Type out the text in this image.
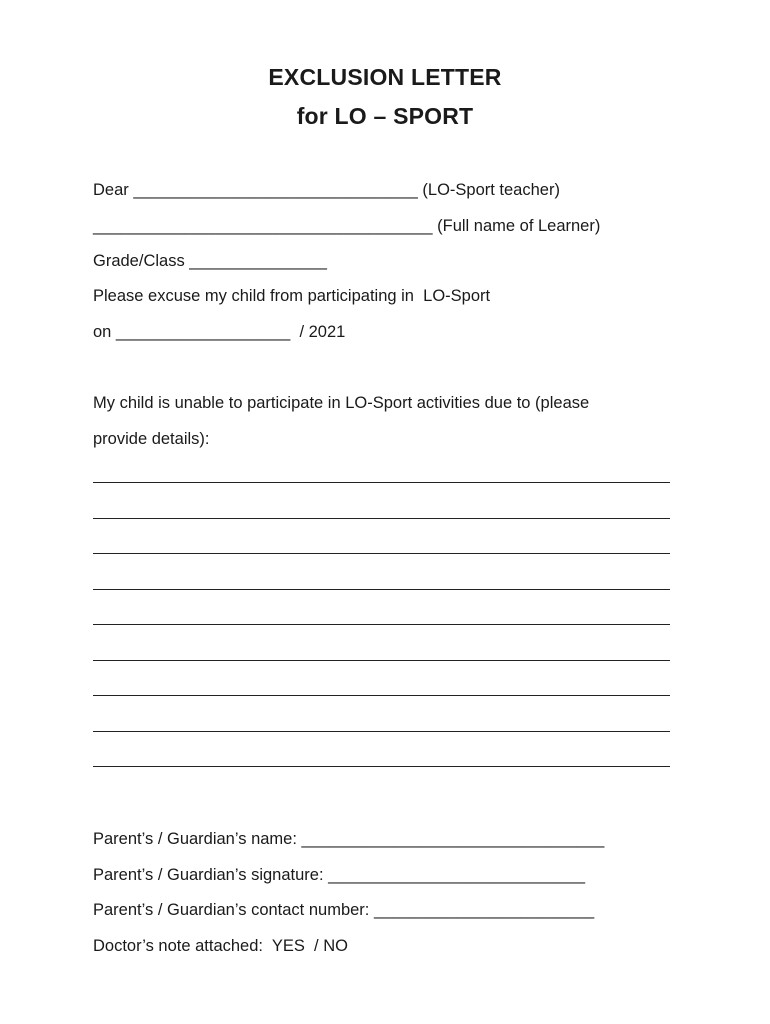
EXCLUSION LETTER
for LO – SPORT
Dear _______________________________ (LO-Sport teacher)
_____________________________________ (Full name of Learner)
Grade/Class _______________
Please excuse my child from participating in  LO-Sport
on ___________________  / 2021
My child is unable to participate in LO-Sport activities due to (please
provide details):
Parent’s / Guardian’s name: _________________________________
Parent’s / Guardian’s signature: ____________________________
Parent’s / Guardian’s contact number: ________________________
Doctor’s note attached:  YES  / NO
